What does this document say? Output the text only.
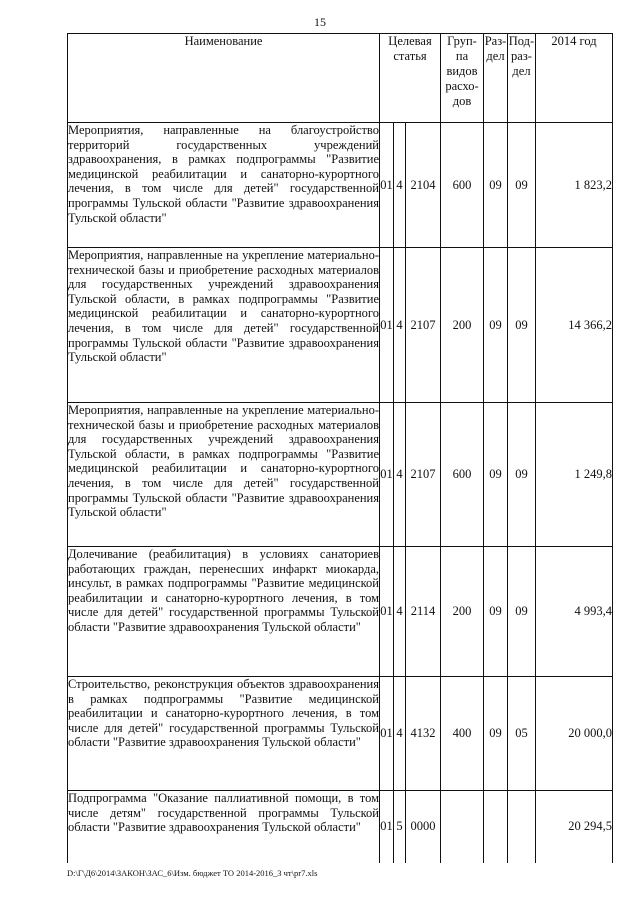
15
Наименование	Целевая статья			Груп-па видов расхо-дов	Раз-дел	Под-раз-дел	2014 год
Мероприятия, направленные на благоустройство территорий государственных учреждений здравоохранения, в рамках подпрограммы "Развитие медицинской реабилитации и санаторно-курортного лечения, в том числе для детей" государственной программы Тульской области "Развитие здравоохранения Тульской области"	01	4	2104	600	09	09	1 823,2
Мероприятия, направленные на укрепление материально-технической базы и приобретение расходных материалов для государственных учреждений здравоохранения Тульской области, в рамках подпрограммы "Развитие медицинской реабилитации и санаторно-курортного лечения, в том числе для детей" государственной программы Тульской области "Развитие здравоохранения Тульской области"	01	4	2107	200	09	09	14 366,2
Мероприятия, направленные на укрепление материально-технической базы и приобретение расходных материалов для государственных учреждений здравоохранения Тульской области, в рамках подпрограммы "Развитие медицинской реабилитации и санаторно-курортного лечения, в том числе для детей" государственной программы Тульской области "Развитие здравоохранения Тульской области"	01	4	2107	600	09	09	1 249,8
Долечивание (реабилитация) в условиях санаториев работающих граждан, перенесших инфаркт миокарда, инсульт, в рамках подпрограммы "Развитие медицинской реабилитации и санаторно-курортного лечения, в том числе для детей" государственной программы Тульской области "Развитие здравоохранения Тульской области"	01	4	2114	200	09	09	4 993,4
Строительство, реконструкция объектов здравоохранения в рамках подпрограммы "Развитие медицинской реабилитации и санаторно-курортного лечения, в том числе для детей" государственной программы Тульской области "Развитие здравоохранения Тульской области"	01	4	4132	400	09	05	20 000,0
Подпрограмма "Оказание паллиативной помощи, в том числе детям" государственной программы Тульской области "Развитие здравоохранения Тульской области"	01	5	0000				20 294,5
D:\Г\Д6\2014\ЗАКОН\ЗАС_6\Изм. бюджет ТО 2014-2016_3 чт\pr7.xls
